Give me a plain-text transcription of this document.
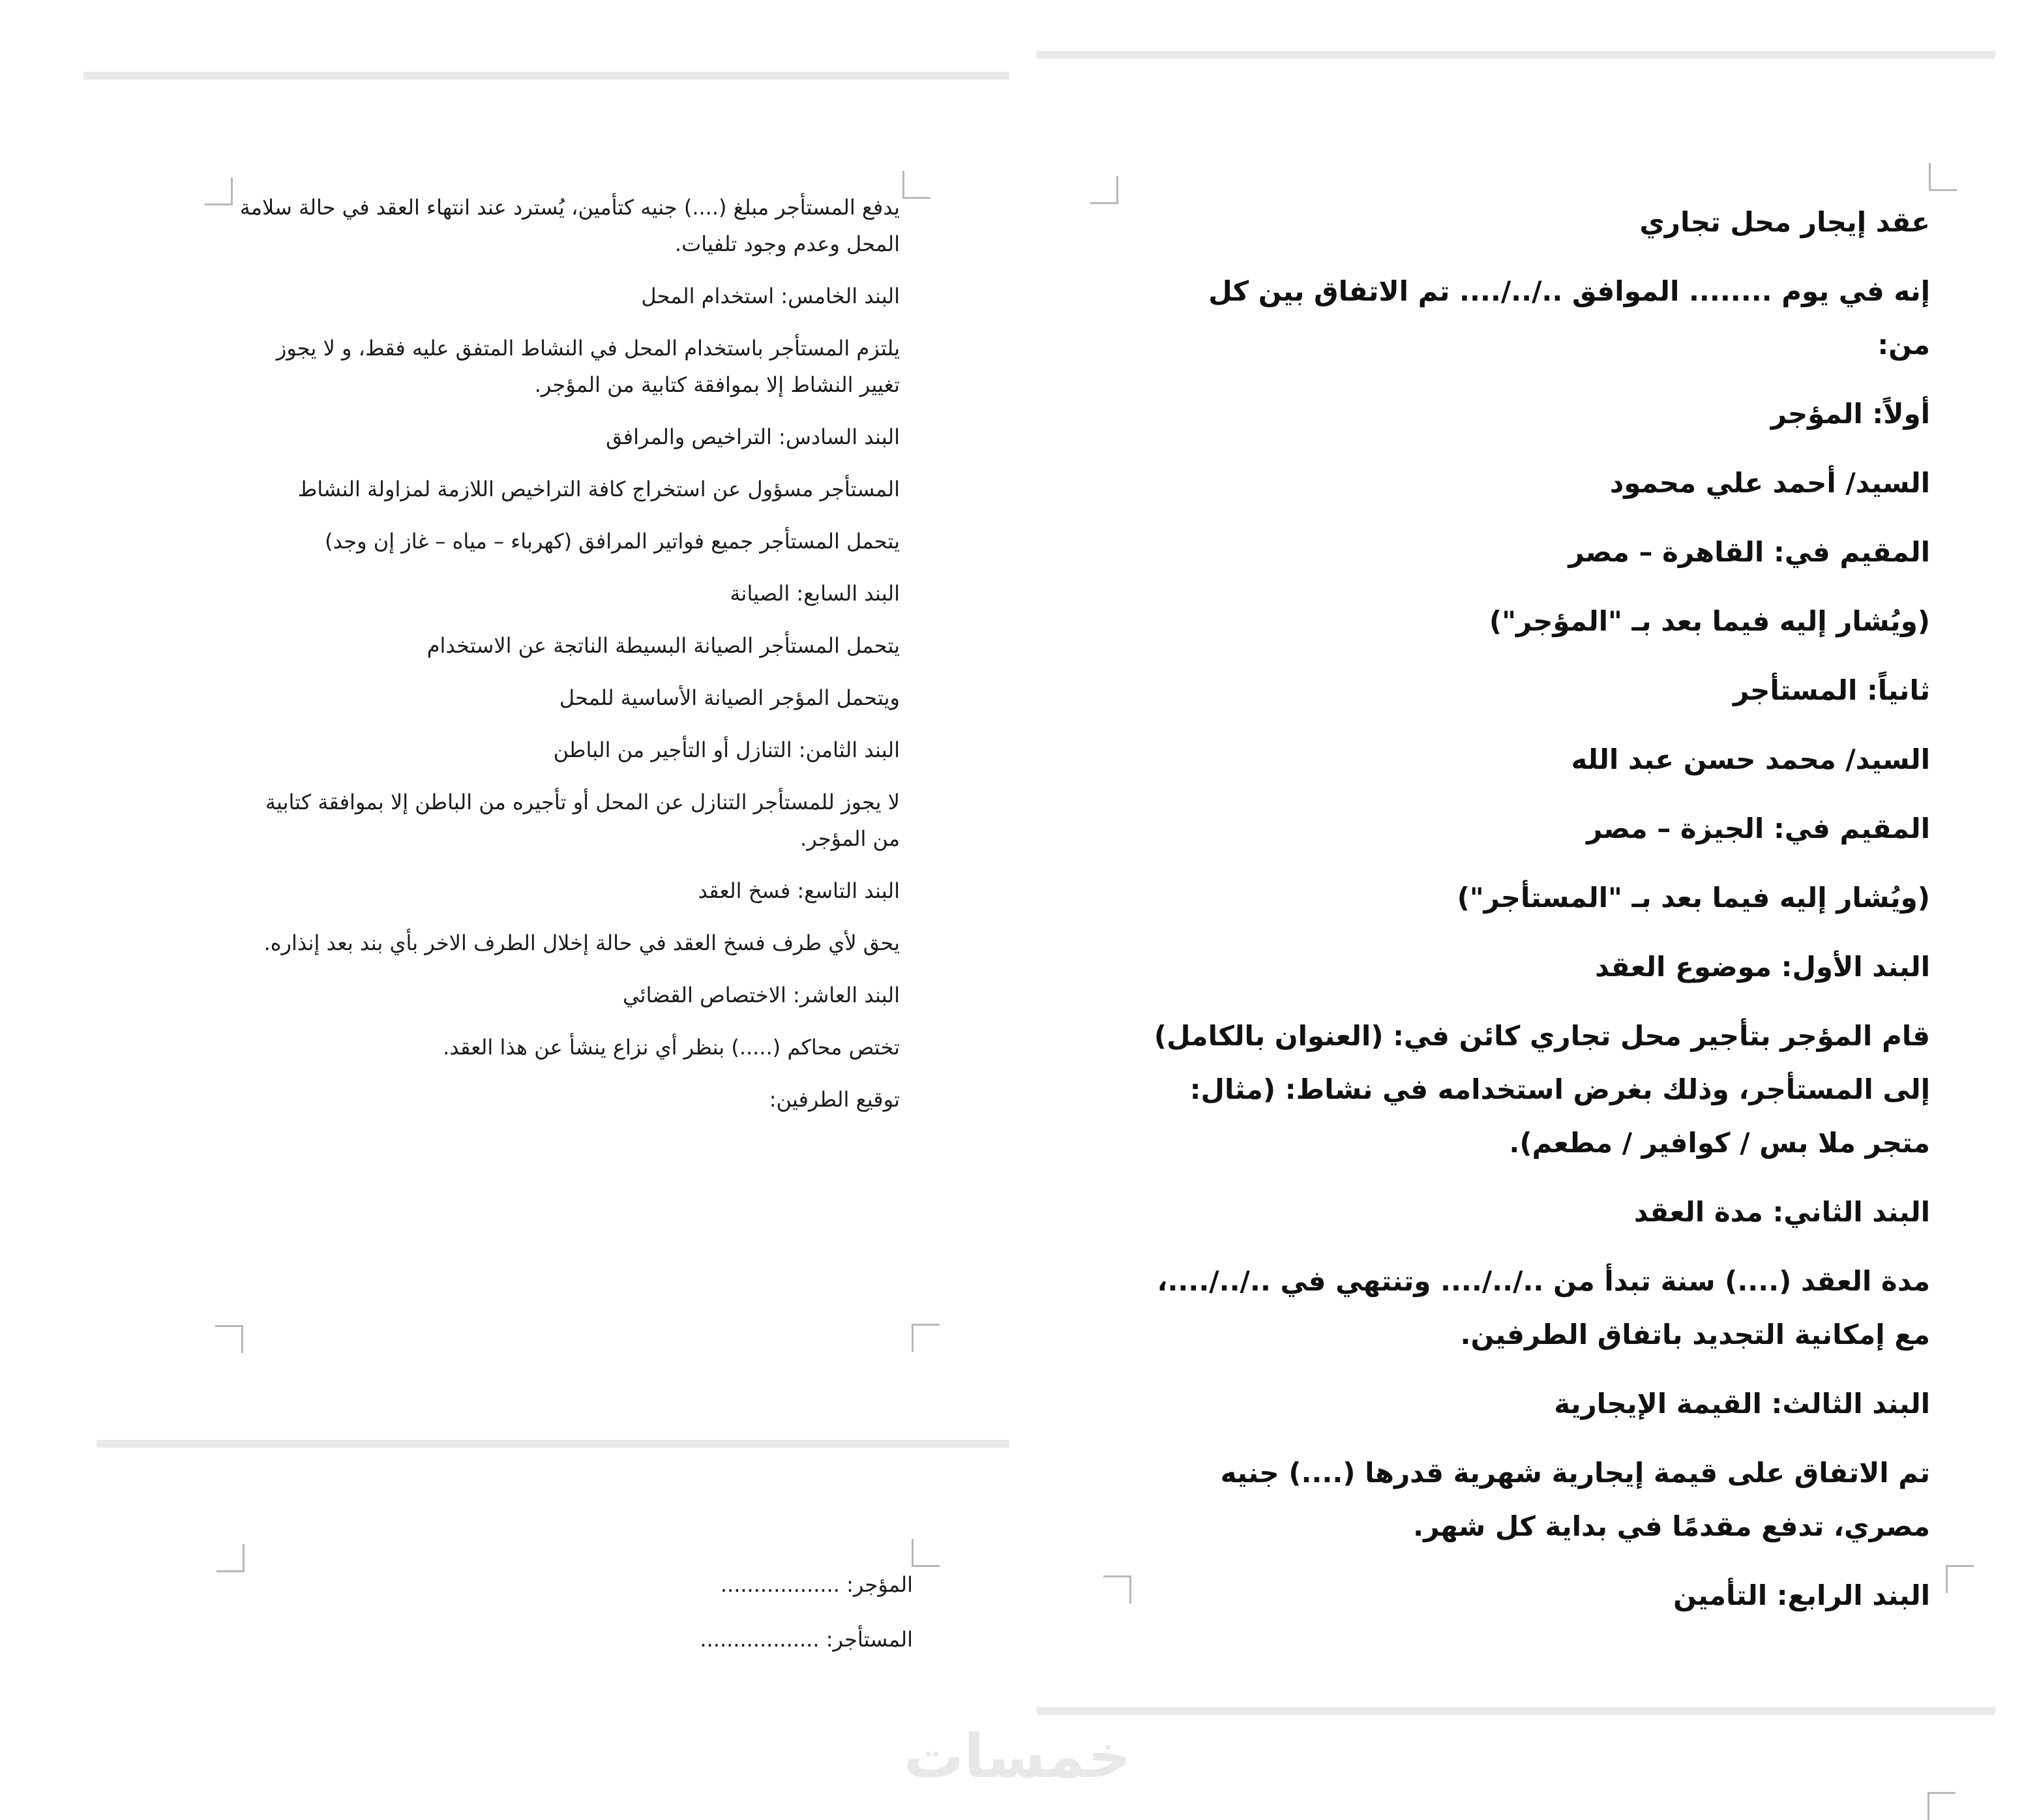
عقد إيجار محل تجاري

إنه في يوم ........ الموافق ../../.... تم الاتفاق بين كل من:

أولاً: المؤجر

السيد/ أحمد علي محمود

المقيم في: القاهرة – مصر

(ويُشار إليه فيما بعد بـ "المؤجر")

ثانياً: المستأجر

السيد/ محمد حسن عبد الله

المقيم في: الجيزة – مصر

(ويُشار إليه فيما بعد بـ "المستأجر")

البند الأول: موضوع العقد

قام المؤجر بتأجير محل تجاري كائن في: (العنوان بالكامل) إلى المستأجر، وذلك بغرض استخدامه في نشاط: (مثال: متجر ملا بس / كوافير / مطعم).

البند الثاني: مدة العقد

مدة العقد (....) سنة تبدأ من ../../.... وتنتهي في ../../....، مع إمكانية التجديد باتفاق الطرفين.

البند الثالث: القيمة الإيجارية

تم الاتفاق على قيمة إيجارية شهرية قدرها (....) جنيه مصري، تدفع مقدمًا في بداية كل شهر.

البند الرابع: التأمين

يدفع المستأجر مبلغ (....) جنيه كتأمين، يُسترد عند انتهاء العقد في حالة سلامة المحل وعدم وجود تلفيات.

البند الخامس: استخدام المحل

يلتزم المستأجر باستخدام المحل في النشاط المتفق عليه فقط، و لا يجوز تغيير النشاط إلا بموافقة كتابية من المؤجر.

البند السادس: التراخيص والمرافق

المستأجر مسؤول عن استخراج كافة التراخيص اللازمة لمزاولة النشاط

يتحمل المستأجر جميع فواتير المرافق (كهرباء – مياه – غاز إن وجد)

البند السابع: الصيانة

يتحمل المستأجر الصيانة البسيطة الناتجة عن الاستخدام

ويتحمل المؤجر الصيانة الأساسية للمحل

البند الثامن: التنازل أو التأجير من الباطن

لا يجوز للمستأجر التنازل عن المحل أو تأجيره من الباطن إلا بموافقة كتابية من المؤجر.

البند التاسع: فسخ العقد

يحق لأي طرف فسخ العقد في حالة إخلال الطرف الاخر بأي بند بعد إنذاره.

البند العاشر: الاختصاص القضائي

تختص محاكم (.....) بنظر أي نزاع ينشأ عن هذا العقد.

توقيع الطرفين:

المؤجر: ..................

المستأجر: ..................

خمسات
